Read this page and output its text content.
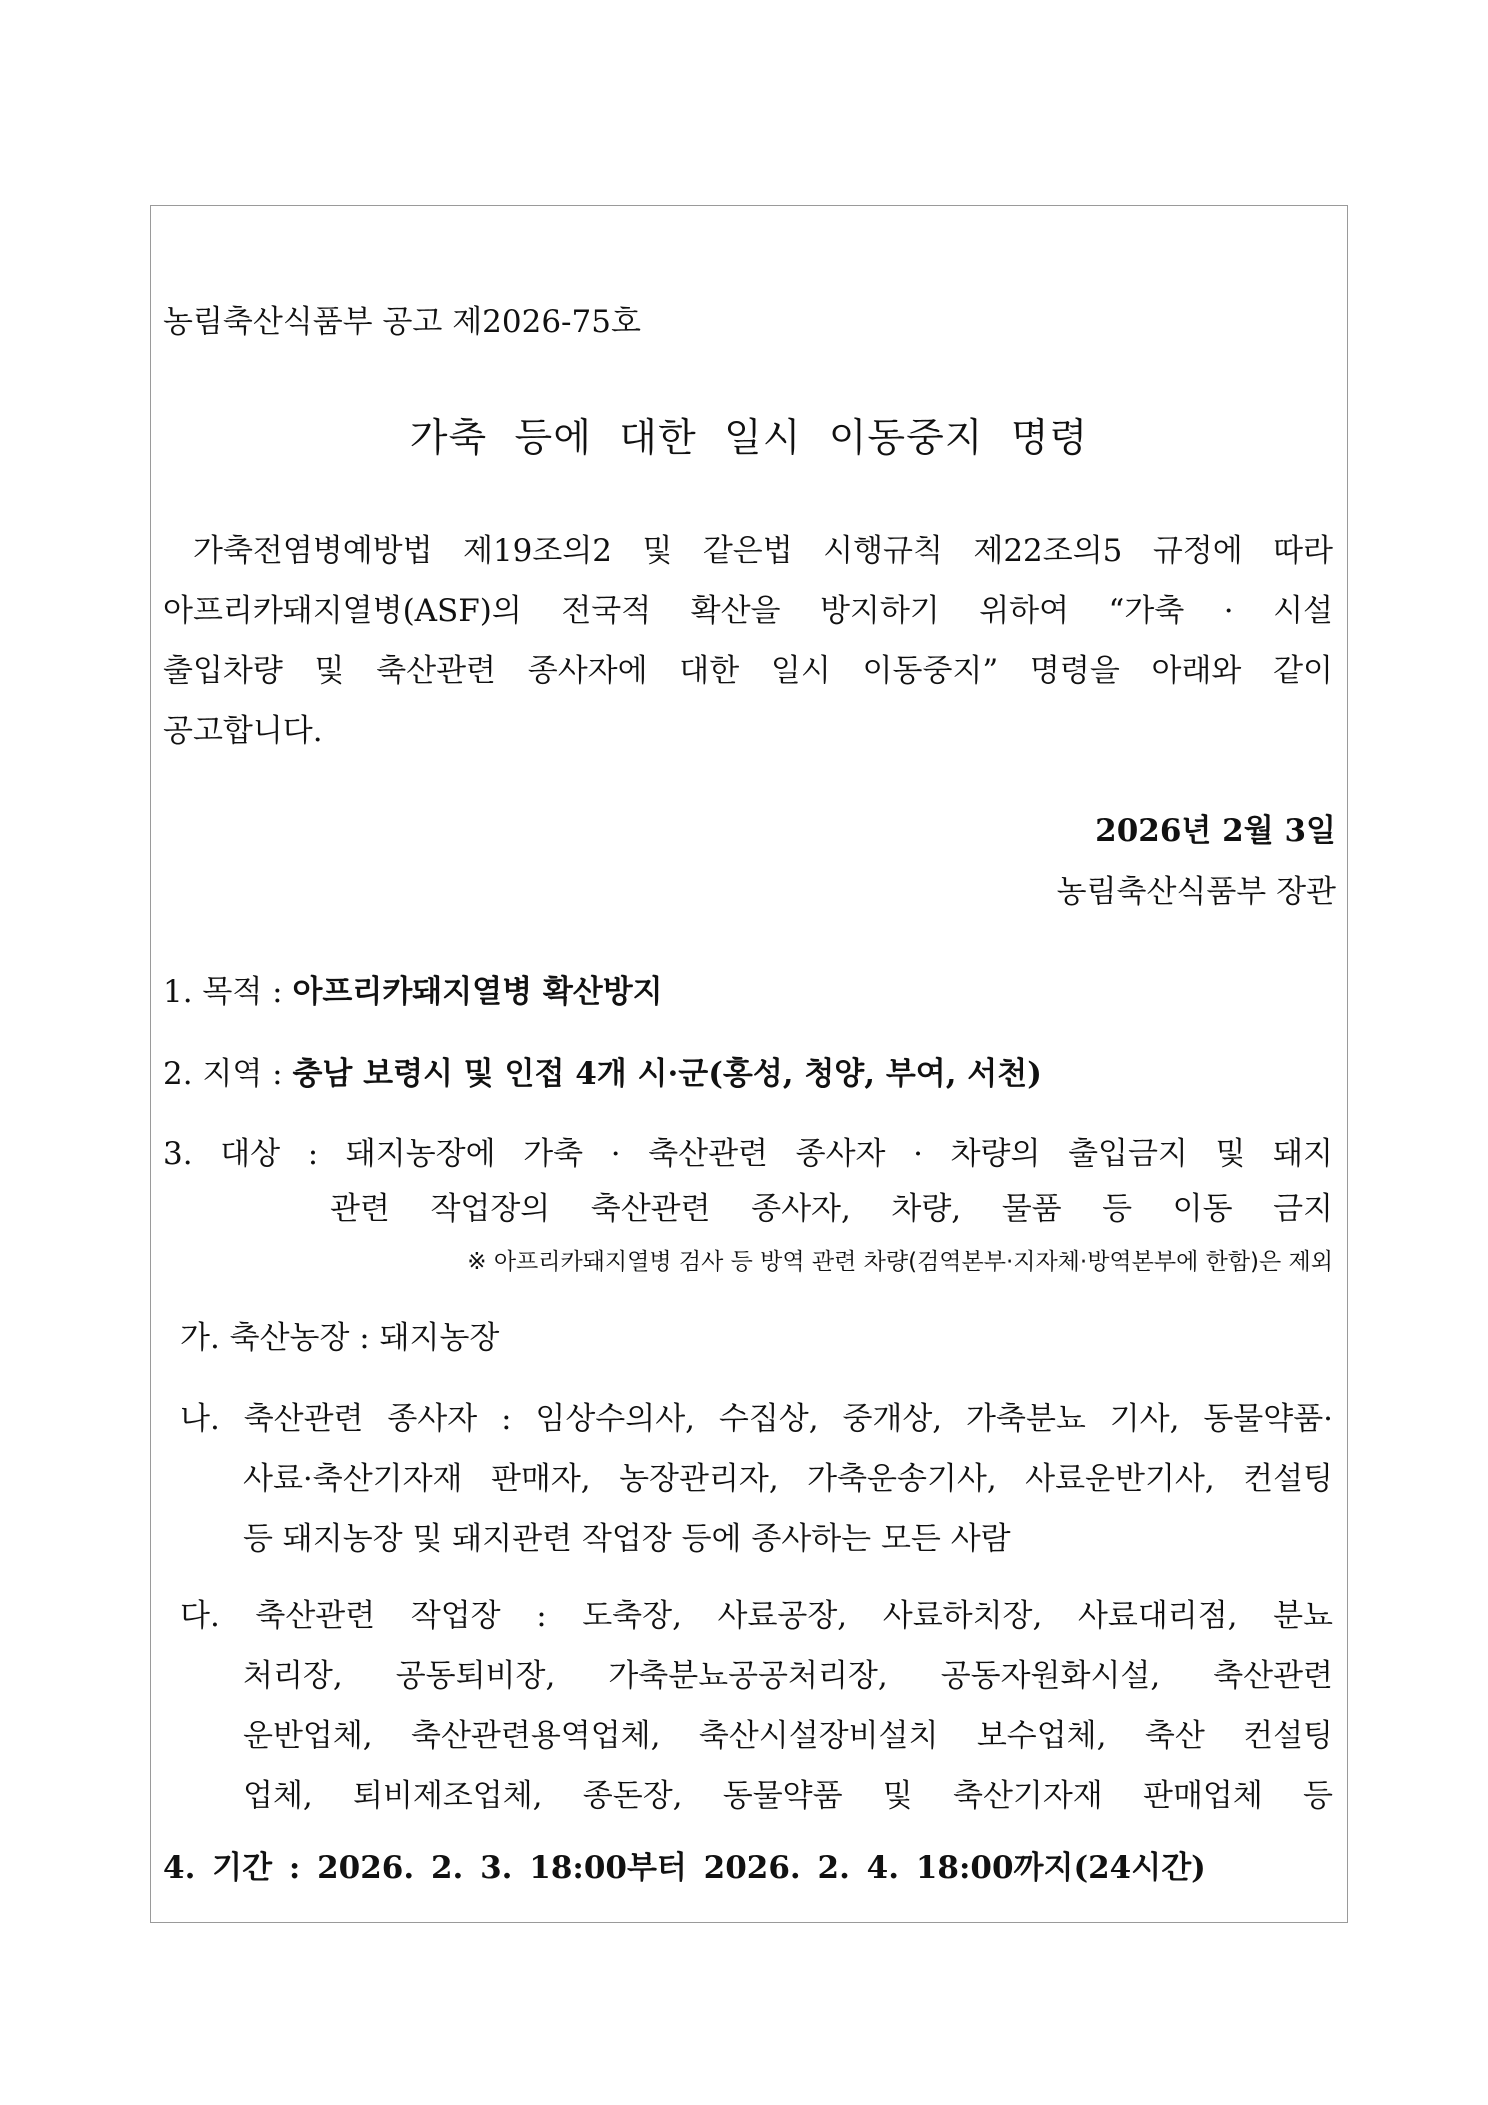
농림축산식품부 공고 제2026-75호

가축 등에 대한 일시 이동중지 명령

가축전염병예방법 제19조의2 및 같은법 시행규칙 제22조의5 규정에 따라

아프리카돼지열병(ASF)의 전국적 확산을 방지하기 위하여 “가축 · 시설

출입차량 및 축산관련 종사자에 대한 일시 이동중지” 명령을 아래와 같이

공고합니다.

2026년 2월 3일

농림축산식품부 장관

1. 목적 : 아프리카돼지열병 확산방지

2. 지역 : 충남 보령시 및 인접 4개 시·군(홍성, 청양, 부여, 서천)

3. 대상 : 돼지농장에 가축 · 축산관련 종사자 · 차량의 출입금지 및 돼지

관련 작업장의 축산관련 종사자, 차량, 물품 등 이동 금지

※ 아프리카돼지열병 검사 등 방역 관련 차량(검역본부·지자체·방역본부에 한함)은 제외

가. 축산농장 : 돼지농장

나. 축산관련 종사자 : 임상수의사, 수집상, 중개상, 가축분뇨 기사, 동물약품·

사료·축산기자재 판매자, 농장관리자, 가축운송기사, 사료운반기사, 컨설팅

등 돼지농장 및 돼지관련 작업장 등에 종사하는 모든 사람

다. 축산관련 작업장 : 도축장, 사료공장, 사료하치장, 사료대리점, 분뇨

처리장, 공동퇴비장, 가축분뇨공공처리장, 공동자원화시설, 축산관련

운반업체, 축산관련용역업체, 축산시설장비설치 보수업체, 축산 컨설팅

업체, 퇴비제조업체, 종돈장, 동물약품 및 축산기자재 판매업체 등

4. 기간 : 2026. 2. 3. 18:00부터 2026. 2. 4. 18:00까지(24시간)
